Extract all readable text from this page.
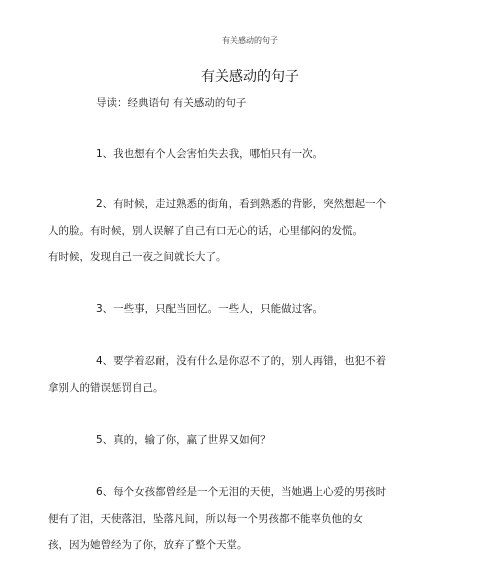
有关感动的句子
有关感动的句子
导读：经典语句 有关感动的句子

1、我也想有个人会害怕失去我，哪怕只有一次。

2、有时候，走过熟悉的街角，看到熟悉的背影，突然想起一个
人的脸。有时候，别人误解了自己有口无心的话，心里郁闷的发慌。
有时候，发现自己一夜之间就长大了。

3、一些事，只配当回忆。一些人，只能做过客。

4、要学着忍耐，没有什么是你忍不了的，别人再错，也犯不着
拿别人的错误惩罚自己。

5、真的，输了你，赢了世界又如何？

6、每个女孩都曾经是一个无泪的天使，当她遇上心爱的男孩时
便有了泪，天使落泪，坠落凡间，所以每一个男孩都不能辜负他的女
孩，因为她曾经为了你，放弃了整个天堂。
